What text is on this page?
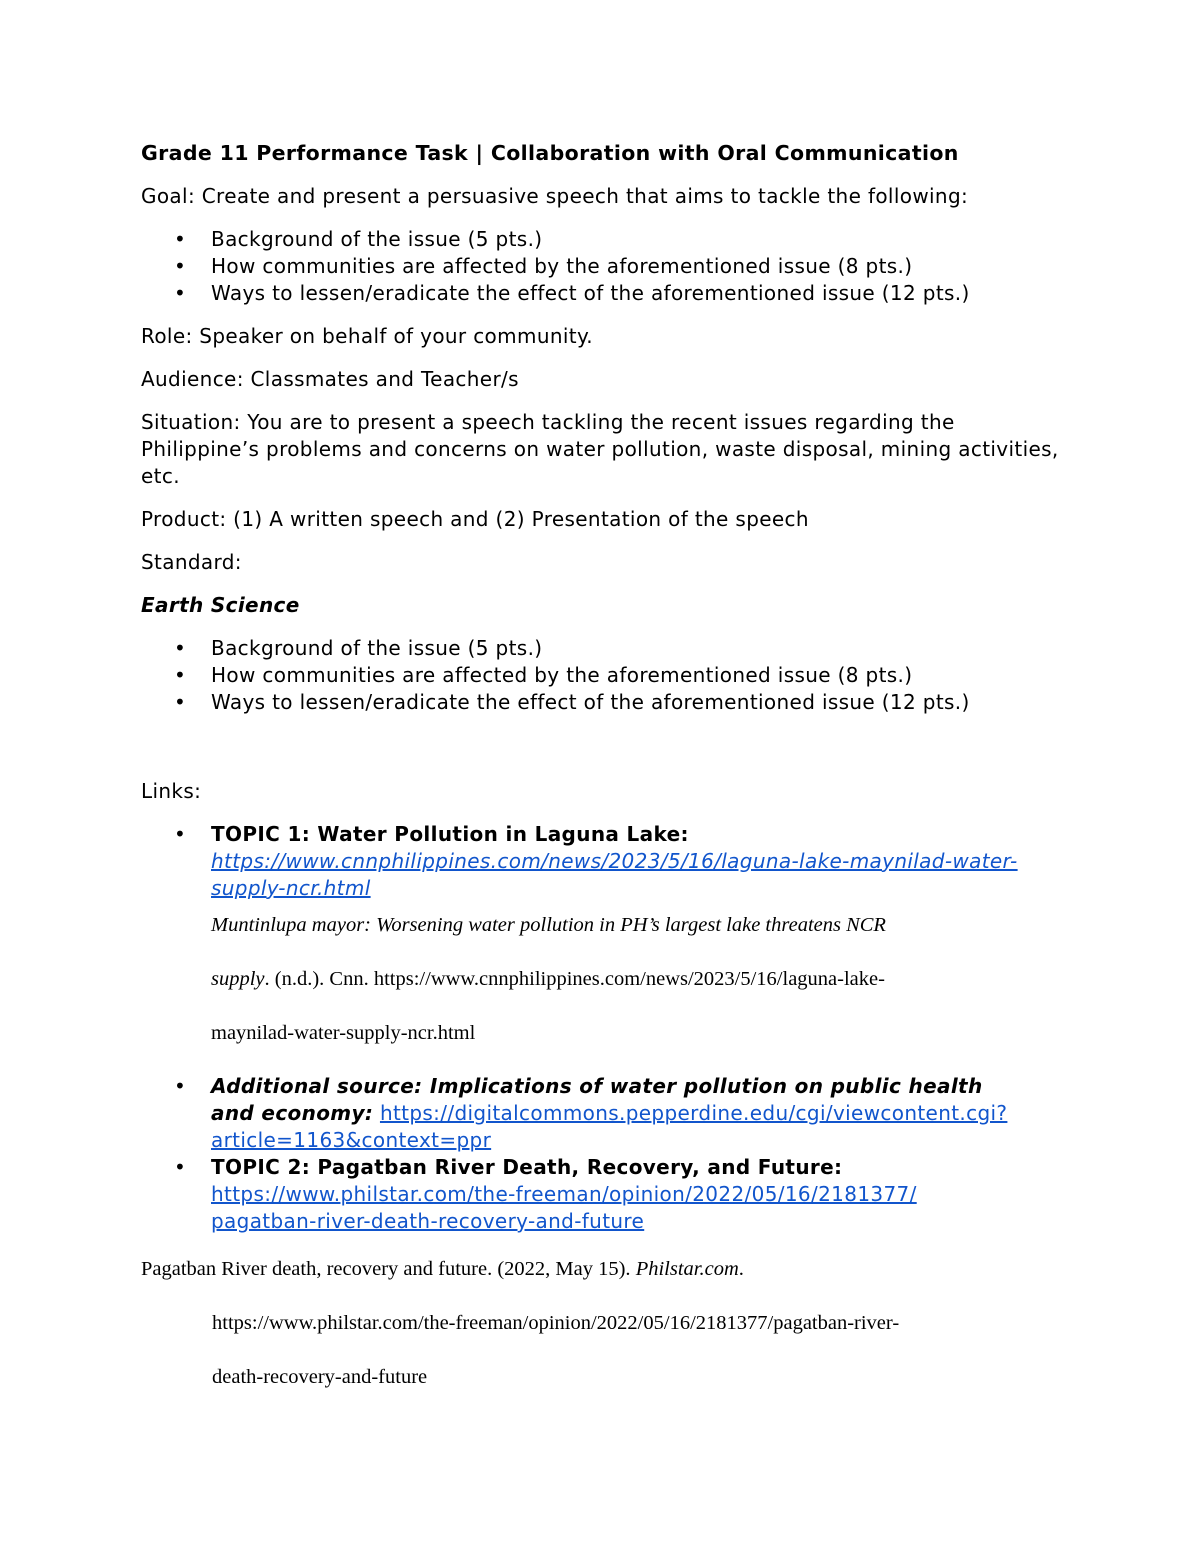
Grade 11 Performance Task | Collaboration with Oral Communication

Goal: Create and present a persuasive speech that aims to tackle the following:

• Background of the issue (5 pts.)
• How communities are affected by the aforementioned issue (8 pts.)
• Ways to lessen/eradicate the effect of the aforementioned issue (12 pts.)

Role: Speaker on behalf of your community.

Audience: Classmates and Teacher/s

Situation: You are to present a speech tackling the recent issues regarding the Philippine’s problems and concerns on water pollution, waste disposal, mining activities, etc.

Product: (1) A written speech and (2) Presentation of the speech

Standard:

Earth Science

• Background of the issue (5 pts.)
• How communities are affected by the aforementioned issue (8 pts.)
• Ways to lessen/eradicate the effect of the aforementioned issue (12 pts.)

Links:

• TOPIC 1: Water Pollution in Laguna Lake:
https://www.cnnphilippines.com/news/2023/5/16/laguna-lake-maynilad-water-
supply-ncr.html
Muntinlupa mayor: Worsening water pollution in PH’s largest lake threatens NCR
supply. (n.d.). Cnn. https://www.cnnphilippines.com/news/2023/5/16/laguna-lake-
maynilad-water-supply-ncr.html
• Additional source: Implications of water pollution on public health
and economy: https://digitalcommons.pepperdine.edu/cgi/viewcontent.cgi?
article=1163&context=ppr
• TOPIC 2: Pagatban River Death, Recovery, and Future:
https://www.philstar.com/the-freeman/opinion/2022/05/16/2181377/
pagatban-river-death-recovery-and-future

Pagatban River death, recovery and future. (2022, May 15). Philstar.com.

https://www.philstar.com/the-freeman/opinion/2022/05/16/2181377/pagatban-river-

death-recovery-and-future
